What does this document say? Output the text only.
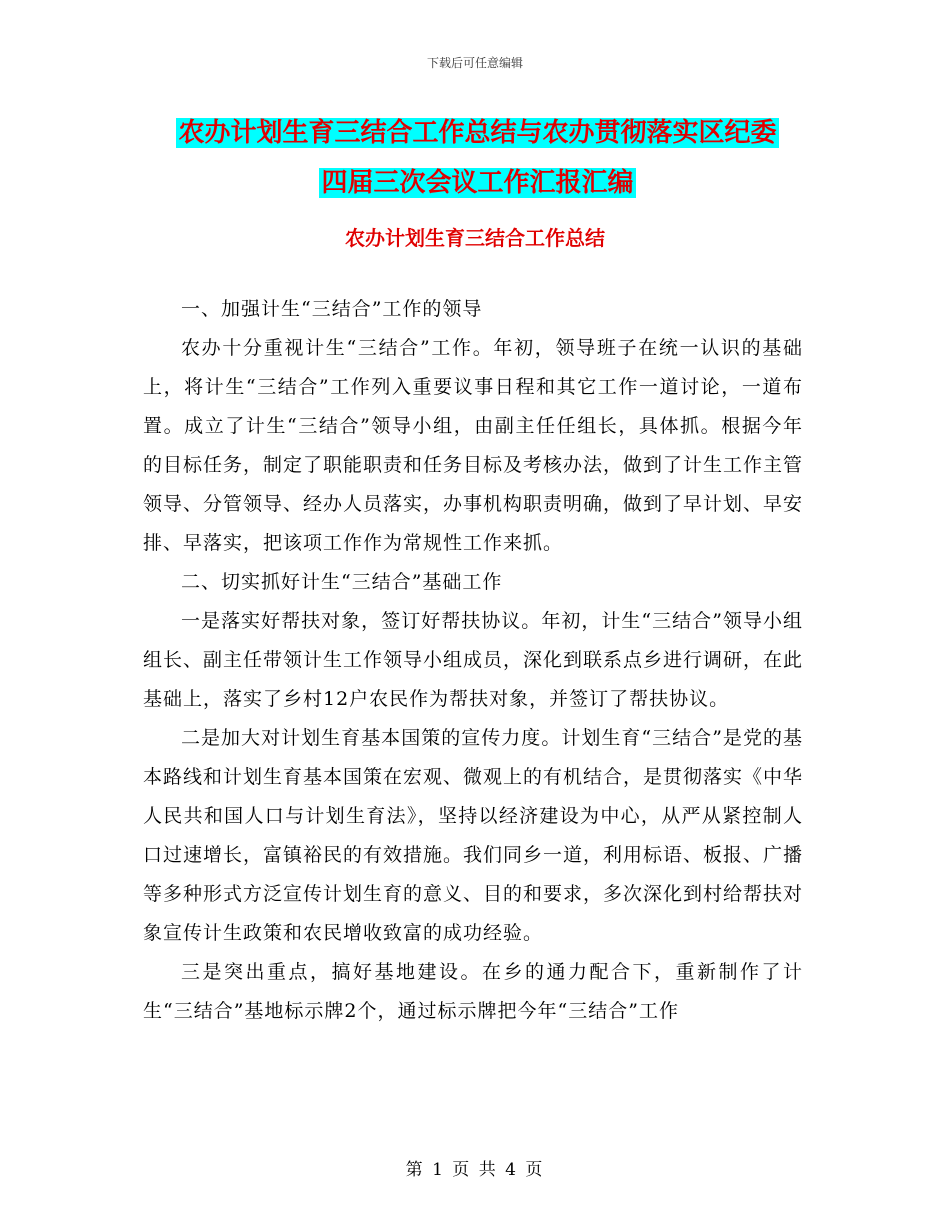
下载后可任意编辑
农办计划生育三结合工作总结与农办贯彻落实区纪委
四届三次会议工作汇报汇编
农办计划生育三结合工作总结

一、加强计生“三结合”工作的领导

农办十分重视计生“三结合”工作。年初，领导班子在统一认识的基础上，将计生“三结合”工作列入重要议事日程和其它工作一道讨论，一道布置。成立了计生“三结合”领导小组，由副主任任组长，具体抓。根据今年的目标任务，制定了职能职责和任务目标及考核办法，做到了计生工作主管领导、分管领导、经办人员落实，办事机构职责明确，做到了早计划、早安排、早落实，把该项工作作为常规性工作来抓。

二、切实抓好计生“三结合”基础工作

一是落实好帮扶对象，签订好帮扶协议。年初，计生“三结合”领导小组组长、副主任带领计生工作领导小组成员，深化到联系点乡进行调研，在此基础上，落实了乡村12户农民作为帮扶对象，并签订了帮扶协议。

二是加大对计划生育基本国策的宣传力度。计划生育“三结合”是党的基本路线和计划生育基本国策在宏观、微观上的有机结合，是贯彻落实《中华人民共和国人口与计划生育法》，坚持以经济建设为中心，从严从紧控制人口过速增长，富镇裕民的有效措施。我们同乡一道，利用标语、板报、广播等多种形式方泛宣传计划生育的意义、目的和要求，多次深化到村给帮扶对象宣传计生政策和农民增收致富的成功经验。

三是突出重点，搞好基地建设。在乡的通力配合下，重新制作了计生“三结合”基地标示牌2个，通过标示牌把今年“三结合”工作

第 1 页 共 4 页
